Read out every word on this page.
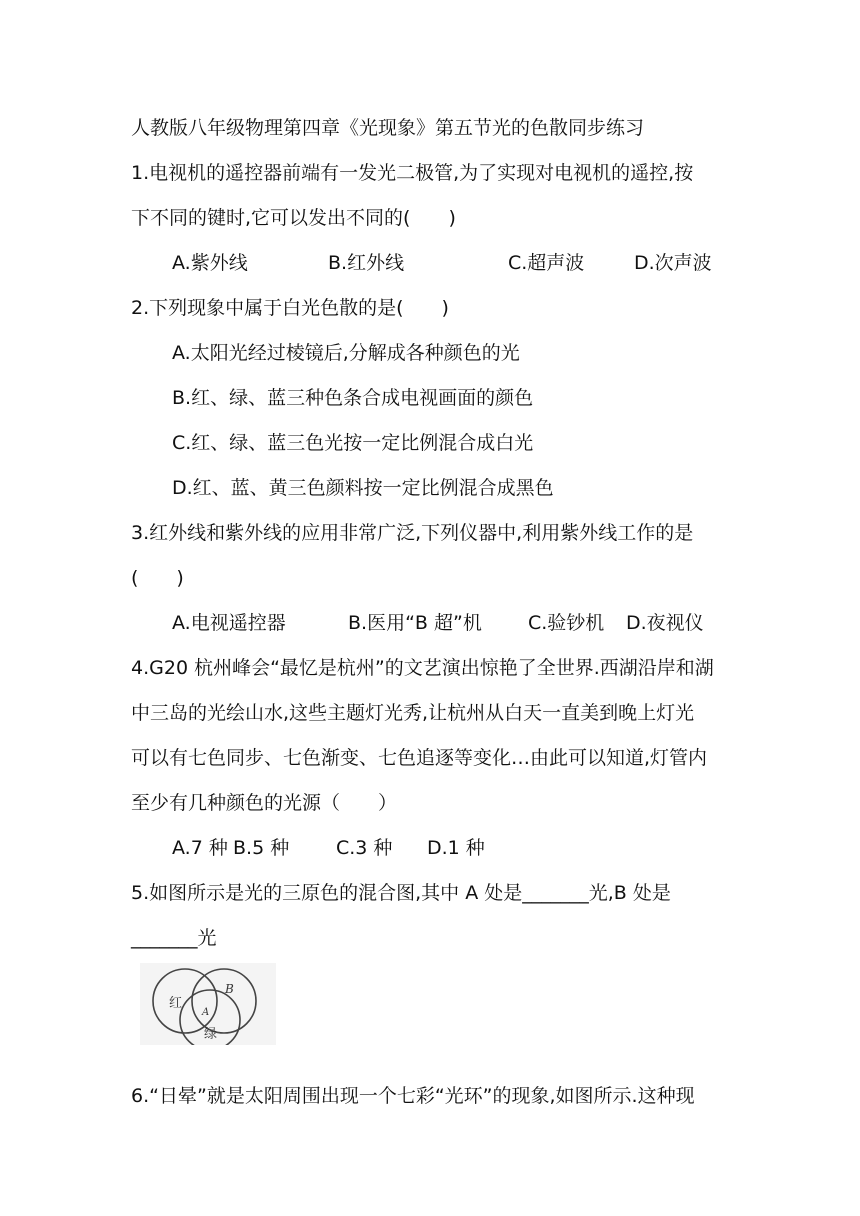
人教版八年级物理第四章《光现象》第五节光的色散同步练习
1.电视机的遥控器前端有一发光二极管,为了实现对电视机的遥控,按
下不同的键时,它可以发出不同的(　　)
A.紫外线	B.红外线	C.超声波	D.次声波
2.下列现象中属于白光色散的是(　　)
A.太阳光经过棱镜后,分解成各种颜色的光
B.红、绿、蓝三种色条合成电视画面的颜色
C.红、绿、蓝三色光按一定比例混合成白光
D.红、蓝、黄三色颜料按一定比例混合成黑色
3.红外线和紫外线的应用非常广泛,下列仪器中,利用紫外线工作的是
(　　)
A.电视遥控器	B.医用“B 超”机 C.验钞机 D.夜视仪
4.G20 杭州峰会“最忆是杭州”的文艺演出惊艳了全世界.西湖沿岸和湖
中三岛的光绘山水,这些主题灯光秀,让杭州从白天一直美到晚上灯光
可以有七色同步、七色渐变、七色追逐等变化…由此可以知道,灯管内
至少有几种颜色的光源（　　）
A.7 种 B.5 种 C.3 种 D.1 种
5.如图所示是光的三原色的混合图,其中 A 处是_______光,B 处是
_______光
红
B
A
绿
6.“日晕”就是太阳周围出现一个七彩“光环”的现象,如图所示.这种现
